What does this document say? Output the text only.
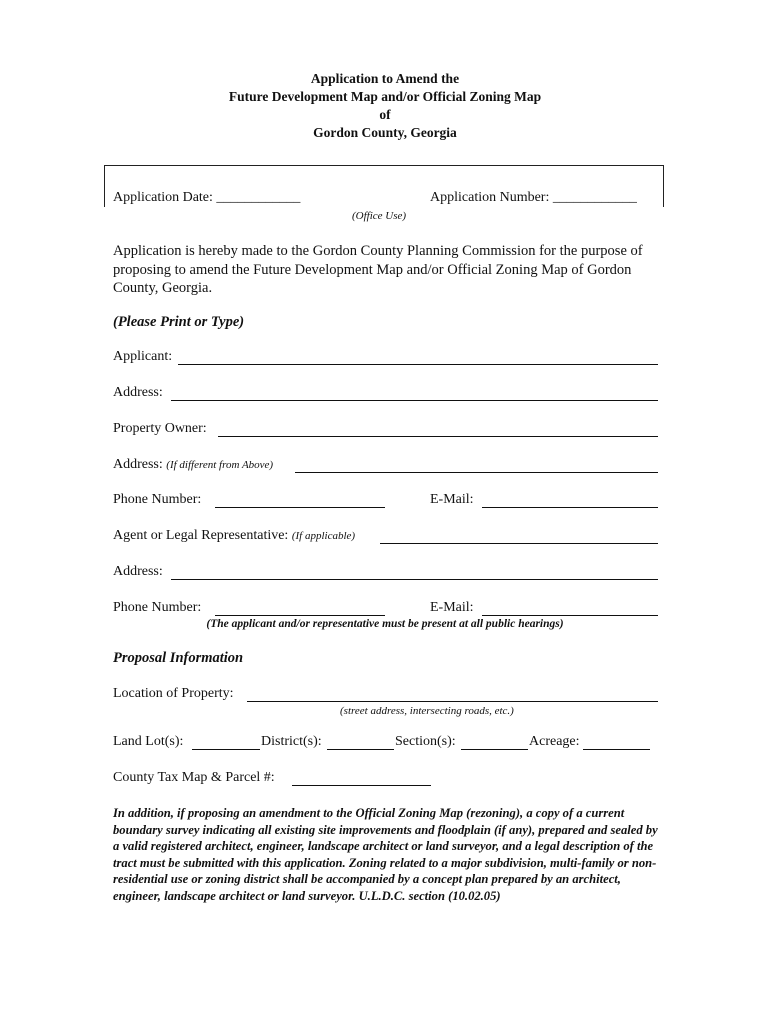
Application to Amend the
Future Development Map and/or Official Zoning Map
of
Gordon County, Georgia
Application Date: ____________	Application Number: ____________
(Office Use)
Application is hereby made to the Gordon County Planning Commission for the purpose of proposing to amend the Future Development Map and/or Official Zoning Map of Gordon County, Georgia.
(Please Print or Type)
Applicant:
Address:
Property Owner:
Address: (If different from Above)
Phone Number:	E-Mail:
Agent or Legal Representative: (If applicable)
Address:
Phone Number:	E-Mail:
(The applicant and/or representative must be present at all public hearings)
Proposal Information
Location of Property:
(street address, intersecting roads, etc.)
Land Lot(s):	District(s):	Section(s):	Acreage:
County Tax Map & Parcel #:
In addition, if proposing an amendment to the Official Zoning Map (rezoning), a copy of a current boundary survey indicating all existing site improvements and floodplain (if any), prepared and sealed by a valid registered architect, engineer, landscape architect or land surveyor, and a legal description of the tract must be submitted with this application. Zoning related to a major subdivision, multi-family or non-residential use or zoning district shall be accompanied by a concept plan prepared by an architect, engineer, landscape architect or land surveyor. U.L.D.C. section (10.02.05)
